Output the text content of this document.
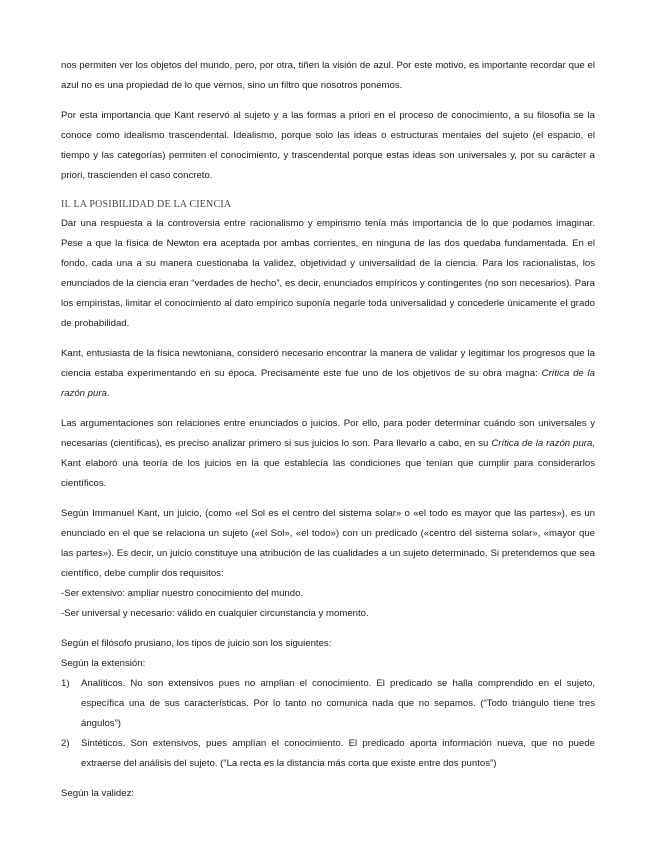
nos permiten ver los objetos del mundo, pero, por otra, tiñen la visión de azul. Por este motivo, es importante recordar que el azul no es una propiedad de lo que vernos, sino un filtro que nosotros ponemos.

Por esta importancia que Kant reservó al sujeto y a las formas a priori en el proceso de conocimiento, a su filosofía se la conoce como idealismo trascendental. Idealismo, porque solo las ideas o estructuras mentales del sujeto (el espacio, el tiempo y las categorías) permiten el conocimiento, y trascendental porque estas ideas son universales y, por su carácter a priori, trascienden el caso concreto.

II. LA POSIBILIDAD DE LA CIENCIA

Dar una respuesta a la controversia entre racionalismo y empirismo tenía más importancia de lo que podamos imaginar. Pese a que la física de Newton era aceptada por ambas corrientes, en ninguna de las dos quedaba fundamentada. En el fondo, cada una a su manera cuestionaba la validez, objetividad y universalidad de la ciencia. Para los racionalistas, los enunciados de la ciencia eran “verdades de hecho”, es decir, enunciados empíricos y contingentes (no son necesarios). Para los empiristas, limitar el conocimiento al dato empírico suponía negarle toda universalidad y concederle únicamente el grado de probabilidad.

Kant, entusiasta de la física newtoniana, consideró necesario encontrar la manera de validar y legitimar los progresos que la ciencia estaba experimentando en su época. Precisamente este fue uno de los objetivos de su obra magna: Crítica de la razón pura.

Las argumentaciones son relaciones entre enunciados o juicios. Por ello, para poder determinar cuándo son universales y necesarias (científicas), es preciso analizar primero si sus juicios lo son. Para llevarlo a cabo, en su Crítica de la razón pura, Kant elaboró una teoría de los juicios en la que establecía las condiciones que tenían que cumplir para considerarlos científicos.

Según Immanuel Kant, un juicio, (como «el Sol es el centro del sistema solar» o «el todo es mayor que las partes»), es un enunciado en el que se relaciona un sujeto («el Sol», «el todo») con un predicado («centro del sistema solar», «mayor que las partes»). Es decir, un juicio constituye una atribución de las cualidades a un sujeto determinado. Si pretendemos que sea científico, debe cumplir dos requisitos:

-Ser extensivo: ampliar nuestro conocimiento del mundo.

-Ser universal y necesario: válido en cualquier circunstancia y momento.

Según el filósofo prusiano, los tipos de juicio son los siguientes:

Según la extensión:

1) Analíticos. No son extensivos pues no amplían el conocimiento. El predicado se halla comprendido en el sujeto, específica una de sus características. Por lo tanto no comunica nada que no sepamos. (“Todo triángulo tiene tres ángulos”)
2) Sintéticos. Son extensivos, pues amplían el conocimiento. El predicado aporta información nueva, que no puede extraerse del análisis del sujeto. (“La recta es la distancia más corta que existe entre dos puntos”)

Según la validez:
